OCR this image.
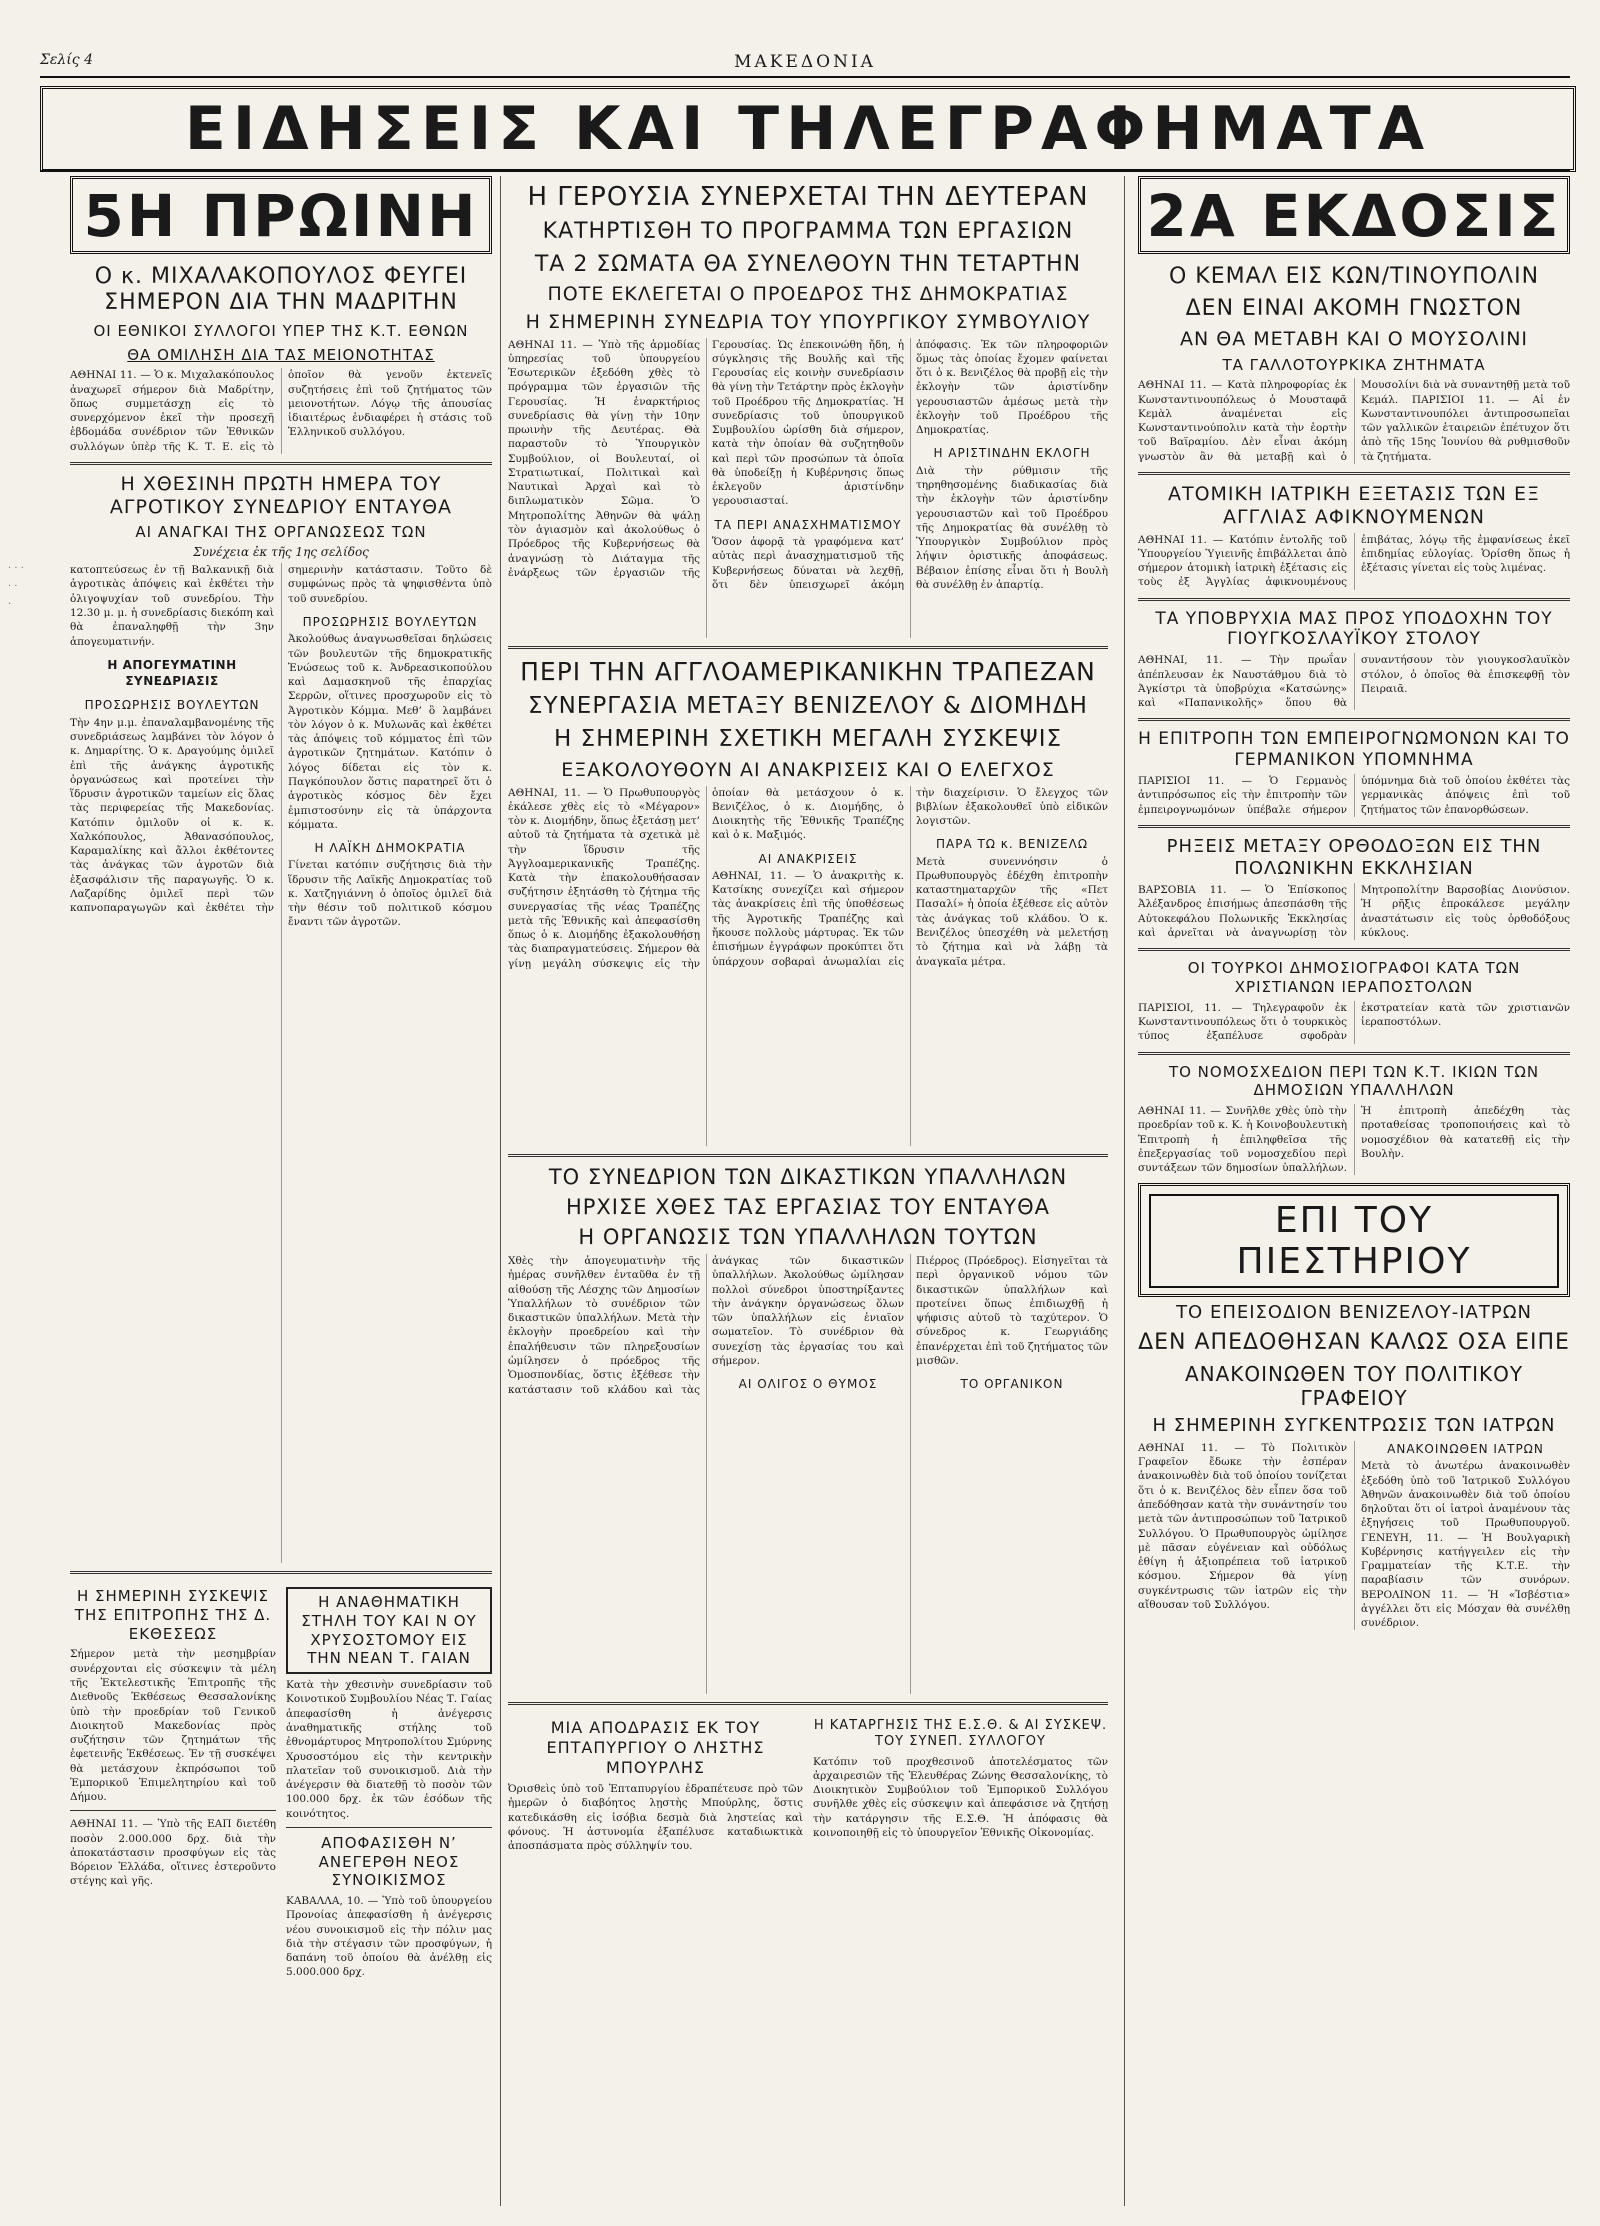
Σελίς 4	ΜΑΚΕΔΟΝΙΑ
ΕΙΔΗΣΕΙΣ ΚΑΙ ΤΗΛΕΓΡΑΦΗΜΑΤΑ
· · ·
· ·
·
5Η ΠΡΩΙΝΗ
Ο κ. ΜΙΧΑΛΑΚΟΠΟΥΛΟΣ ΦΕΥΓΕΙ ΣΗΜΕΡΟΝ ΔΙΑ ΤΗΝ ΜΑΔΡΙΤΗΝ
ΟΙ ΕΘΝΙΚΟΙ ΣΥΛΛΟΓΟΙ ΥΠΕΡ ΤΗΣ Κ.Τ. ΕΘΝΩΝ
ΘΑ ΟΜΙΛΗΣΗ ΔΙΑ ΤΑΣ ΜΕΙΟΝΟΤΗΤΑΣ
ΑΘΗΝΑΙ 11. — Ὁ κ. Μιχαλακόπουλος ἀναχωρεῖ σήμερον διὰ Μαδρίτην, ὅπως συμμετάσχῃ εἰς τὸ συνερχόμενον ἐκεῖ τὴν προσεχῆ ἑβδομάδα συνέδριον τῶν Ἐθνικῶν συλλόγων ὑπὲρ τῆς Κ. Τ. Ε. εἰς τὸ ὁποῖον θὰ γενοῦν ἐκτενεῖς συζητήσεις ἐπὶ τοῦ ζητήματος τῶν μειονοτήτων. Λόγῳ τῆς ἀπουσίας ἰδιαιτέρως ἐνδιαφέρει ἡ στάσις τοῦ Ἑλληνικοῦ συλλόγου.
Η ΧΘΕΣΙΝΗ ΠΡΩΤΗ ΗΜΕΡΑ ΤΟΥ ΑΓΡΟΤΙΚΟΥ ΣΥΝΕΔΡΙΟΥ ΕΝΤΑΥΘΑ
ΑΙ ΑΝΑΓΚΑΙ ΤΗΣ ΟΡΓΑΝΩΣΕΩΣ ΤΩΝ
Συνέχεια ἐκ τῆς 1ης σελίδος
κατοπτεύσεως ἐν τῇ Βαλκανικῇ διὰ ἀγροτικὰς ἀπόψεις καὶ ἐκθέτει τὴν ὀλιγοψυχίαν τοῦ συνεδρίου. Τὴν 12.30 μ. μ. ἡ συνεδρίασις διεκόπη καὶ θὰ ἐπαναληφθῇ τὴν 3ην ἀπογευματινήν.
Η ΑΠΟΓΕΥΜΑΤΙΝΗ ΣΥΝΕΔΡΙΑΣΙΣ
ΠΡΟΣΩΡΗΣΙΣ ΒΟΥΛΕΥΤΩΝ
Τὴν 4ην μ.μ. ἐπαναλαμβανομένης τῆς συνεδριάσεως λαμβάνει τὸν λόγον ὁ κ. Δημαρίτης. Ὁ κ. Δραγούμης ὁμιλεῖ ἐπὶ τῆς ἀνάγκης ἀγροτικῆς ὀργανώσεως καὶ προτείνει τὴν ἵδρυσιν ἀγροτικῶν ταμείων εἰς ὅλας τὰς περιφερείας τῆς Μακεδονίας. Κατόπιν ὁμιλοῦν οἱ κ. κ. Χαλκόπουλος, Ἀθανασόπουλος, Καραμαλίκης καὶ ἄλλοι ἐκθέτοντες τὰς ἀνάγκας τῶν ἀγροτῶν διὰ ἐξασφάλισιν τῆς παραγωγῆς. Ὁ κ. Λαζαρίδης ὁμιλεῖ περὶ τῶν καπνοπαραγωγῶν καὶ ἐκθέτει τὴν σημερινὴν κατάστασιν. Τοῦτο δὲ συμφώνως πρὸς τὰ ψηφισθέντα ὑπὸ τοῦ συνεδρίου.
ΠΡΟΣΩΡΗΣΙΣ ΒΟΥΛΕΥΤΩΝ
Ἀκολούθως ἀναγνωσθεῖσαι δηλώσεις τῶν βουλευτῶν τῆς δημοκρατικῆς Ἑνώσεως τοῦ κ. Ἀνδρεασικοπούλου καὶ Δαμασκηνοῦ τῆς ἐπαρχίας Σερρῶν, οἵτινες προσχωροῦν εἰς τὸ Ἀγροτικὸν Κόμμα. Μεθ’ ὃ λαμβάνει τὸν λόγον ὁ κ. Μυλωνᾶς καὶ ἐκθέτει τὰς ἀπόψεις τοῦ κόμματος ἐπὶ τῶν ἀγροτικῶν ζητημάτων. Κατόπιν ὁ λόγος δίδεται εἰς τὸν κ. Παγκόπουλον ὅστις παρατηρεῖ ὅτι ὁ ἀγροτικὸς κόσμος δὲν ἔχει ἐμπιστοσύνην εἰς τὰ ὑπάρχοντα κόμματα.
Η ΛΑΪΚΗ ΔΗΜΟΚΡΑΤΙΑ
Γίνεται κατόπιν συζήτησις διὰ τὴν ἵδρυσιν τῆς Λαϊκῆς Δημοκρατίας τοῦ κ. Χατζηγιάννη ὁ ὁποῖος ὁμιλεῖ διὰ τὴν θέσιν τοῦ πολιτικοῦ κόσμου ἔναντι τῶν ἀγροτῶν.
Η ΣΗΜΕΡΙΝΗ ΣΥΣΚΕΨΙΣ ΤΗΣ ΕΠΙΤΡΟΠΗΣ ΤΗΣ Δ. ΕΚΘΕΣΕΩΣ
Σήμερον μετὰ τὴν μεσημβρίαν συνέρχονται εἰς σύσκεψιν τὰ μέλη τῆς Ἐκτελεστικῆς Ἐπιτροπῆς τῆς Διεθνοῦς Ἐκθέσεως Θεσσαλονίκης ὑπὸ τὴν προεδρίαν τοῦ Γενικοῦ Διοικητοῦ Μακεδονίας πρὸς συζήτησιν τῶν ζητημάτων τῆς ἐφετεινῆς Ἐκθέσεως. Ἐν τῇ συσκέψει θὰ μετάσχουν ἐκπρόσωποι τοῦ Ἐμπορικοῦ Ἐπιμελητηρίου καὶ τοῦ Δήμου.
ΑΘΗΝΑΙ 11. — Ὑπὸ τῆς ΕΑΠ διετέθη ποσὸν 2.000.000 δρχ. διὰ τὴν ἀποκατάστασιν προσφύγων εἰς τὰς Βόρειον Ἑλλάδα, οἵτινες ἐστεροῦντο στέγης καὶ γῆς.
Η ΑΝΑΘΗΜΑΤΙΚΗ ΣΤΗΛΗ ΤΟΥ ΚΑΙ Ν ΟΥ ΧΡΥΣΟΣΤΟΜΟΥ ΕΙΣ ΤΗΝ ΝΕΑΝ Τ. ΓΑΙΑΝ
Κατὰ τὴν χθεσινὴν συνεδρίασιν τοῦ Κοινοτικοῦ Συμβουλίου Νέας Τ. Γαίας ἀπεφασίσθη ἡ ἀνέγερσις ἀναθηματικῆς στήλης τοῦ ἐθνομάρτυρος Μητροπολίτου Σμύρνης Χρυσοστόμου εἰς τὴν κεντρικὴν πλατεῖαν τοῦ συνοικισμοῦ. Διὰ τὴν ἀνέγερσιν θὰ διατεθῇ τὸ ποσὸν τῶν 100.000 δρχ. ἐκ τῶν ἐσόδων τῆς κοινότητος.
ΑΠΟΦΑΣΙΣΘΗ Ν’ ΑΝΕΓΕΡΘΗ ΝΕΟΣ ΣΥΝΟΙΚΙΣΜΟΣ
ΚΑΒΑΛΛΑ, 10. — Ὑπὸ τοῦ ὑπουργείου Προνοίας ἀπεφασίσθη ἡ ἀνέγερσις νέου συνοικισμοῦ εἰς τὴν πόλιν μας διὰ τὴν στέγασιν τῶν προσφύγων, ἡ δαπάνη τοῦ ὁποίου θὰ ἀνέλθῃ εἰς 5.000.000 δρχ.
Η ΓΕΡΟΥΣΙΑ ΣΥΝΕΡΧΕΤΑΙ ΤΗΝ ΔΕΥΤΕΡΑΝ
ΚΑΤΗΡΤΙΣΘΗ ΤΟ ΠΡΟΓΡΑΜΜΑ ΤΩΝ ΕΡΓΑΣΙΩΝ
ΤΑ 2 ΣΩΜΑΤΑ ΘΑ ΣΥΝΕΛΘΟΥΝ ΤΗΝ ΤΕΤΑΡΤΗΝ
ΠΟΤΕ ΕΚΛΕΓΕΤΑΙ Ο ΠΡΟΕΔΡΟΣ ΤΗΣ ΔΗΜΟΚΡΑΤΙΑΣ
Η ΣΗΜΕΡΙΝΗ ΣΥΝΕΔΡΙΑ ΤΟΥ ΥΠΟΥΡΓΙΚΟΥ ΣΥΜΒΟΥΛΙΟΥ
ΑΘΗΝΑΙ 11. — Ὑπὸ τῆς ἁρμοδίας ὑπηρεσίας τοῦ ὑπουργείου Ἐσωτερικῶν ἐξεδόθη χθὲς τὸ πρόγραμμα τῶν ἐργασιῶν τῆς Γερουσίας. Ἡ ἐναρκτήριος συνεδρίασις θὰ γίνῃ τὴν 10ην πρωινὴν τῆς Δευτέρας. Θὰ παραστοῦν τὸ Ὑπουργικὸν Συμβούλιον, οἱ Βουλευταί, οἱ Στρατιωτικαί, Πολιτικαὶ καὶ Ναυτικαὶ Ἀρχαὶ καὶ τὸ διπλωματικὸν Σῶμα. Ὁ Μητροπολίτης Ἀθηνῶν θὰ ψάλῃ τὸν ἁγιασμὸν καὶ ἀκολούθως ὁ Πρόεδρος τῆς Κυβερνήσεως θὰ ἀναγνώσῃ τὸ Διάταγμα τῆς ἐνάρξεως τῶν ἐργασιῶν τῆς Γερουσίας. Ὡς ἐπεκοινώθη ἤδη, ἡ σύγκλησις τῆς Βουλῆς καὶ τῆς Γερουσίας εἰς κοινὴν συνεδρίασιν θὰ γίνῃ τὴν Τετάρτην πρὸς ἐκλογὴν τοῦ Προέδρου τῆς Δημοκρατίας. Ἡ συνεδρίασις τοῦ ὑπουργικοῦ Συμβουλίου ὡρίσθη διὰ σήμερον, κατὰ τὴν ὁποίαν θὰ συζητηθοῦν καὶ περὶ τῶν προσώπων τὰ ὁποῖα θὰ ὑποδείξῃ ἡ Κυβέρνησις ὅπως ἐκλεγοῦν ἀριστίνδην γερουσιασταί.
ΤΑ ΠΕΡΙ ΑΝΑΣΧΗΜΑΤΙΣΜΟΥ
Ὅσον ἀφορᾷ τὰ γραφόμενα κατ’ αὐτὰς περὶ ἀνασχηματισμοῦ τῆς Κυβερνήσεως δύναται νὰ λεχθῇ, ὅτι δὲν ὑπεισχωρεῖ ἀκόμη ἀπόφασις. Ἐκ τῶν πληροφοριῶν ὅμως τὰς ὁποίας ἔχομεν φαίνεται ὅτι ὁ κ. Βενιζέλος θὰ προβῇ εἰς τὴν ἐκλογὴν τῶν ἀριστίνδην γερουσιαστῶν ἀμέσως μετὰ τὴν ἐκλογὴν τοῦ Προέδρου τῆς Δημοκρατίας.
Η ΑΡΙΣΤΙΝΔΗΝ ΕΚΛΟΓΗ
Διὰ τὴν ρύθμισιν τῆς τηρηθησομένης διαδικασίας διὰ τὴν ἐκλογὴν τῶν ἀριστίνδην γερουσιαστῶν καὶ τοῦ Προέδρου τῆς Δημοκρατίας θὰ συνέλθῃ τὸ Ὑπουργικὸν Συμβούλιον πρὸς λήψιν ὁριστικῆς ἀποφάσεως. Βέβαιον ἐπίσης εἶναι ὅτι ἡ Βουλὴ θὰ συνέλθῃ ἐν ἀπαρτίᾳ.
ΠΕΡΙ ΤΗΝ ΑΓΓΛΟΑΜΕΡΙΚΑΝΙΚΗΝ ΤΡΑΠΕΖΑΝ
ΣΥΝΕΡΓΑΣΙΑ ΜΕΤΑΞΥ ΒΕΝΙΖΕΛΟΥ & ΔΙΟΜΗΔΗ
Η ΣΗΜΕΡΙΝΗ ΣΧΕΤΙΚΗ ΜΕΓΑΛΗ ΣΥΣΚΕΨΙΣ
ΕΞΑΚΟΛΟΥΘΟΥΝ ΑΙ ΑΝΑΚΡΙΣΕΙΣ ΚΑΙ Ο ΕΛΕΓΧΟΣ
ΑΘΗΝΑΙ, 11. — Ὁ Πρωθυπουργὸς ἐκάλεσε χθὲς εἰς τὸ «Μέγαρον» τὸν κ. Διομήδην, ὅπως ἐξετάσῃ μετ’ αὐτοῦ τὰ ζητήματα τὰ σχετικὰ μὲ τὴν ἵδρυσιν τῆς Ἀγγλοαμερικανικῆς Τραπέζης. Κατὰ τὴν ἐπακολουθήσασαν συζήτησιν ἐξητάσθη τὸ ζήτημα τῆς συνεργασίας τῆς νέας Τραπέζης μετὰ τῆς Ἐθνικῆς καὶ ἀπεφασίσθη ὅπως ὁ κ. Διομήδης ἐξακολουθήσῃ τὰς διαπραγματεύσεις. Σήμερον θὰ γίνῃ μεγάλη σύσκεψις εἰς τὴν ὁποίαν θὰ μετάσχουν ὁ κ. Βενιζέλος, ὁ κ. Διομήδης, ὁ Διοικητὴς τῆς Ἐθνικῆς Τραπέζης καὶ ὁ κ. Μαξιμός.
ΑΙ ΑΝΑΚΡΙΣΕΙΣ
ΑΘΗΝΑΙ, 11. — Ὁ ἀνακριτὴς κ. Κατσίκης συνεχίζει καὶ σήμερον τὰς ἀνακρίσεις ἐπὶ τῆς ὑποθέσεως τῆς Ἀγροτικῆς Τραπέζης καὶ ἤκουσε πολλοὺς μάρτυρας. Ἐκ τῶν ἐπισήμων ἐγγράφων προκύπτει ὅτι ὑπάρχουν σοβαραὶ ἀνωμαλίαι εἰς τὴν διαχείρισιν. Ὁ ἔλεγχος τῶν βιβλίων ἐξακολουθεῖ ὑπὸ εἰδικῶν λογιστῶν.
ΠΑΡΑ ΤΩ κ. ΒΕΝΙΖΕΛΩ
Μετὰ συνεννόησιν ὁ Πρωθυπουργὸς ἐδέχθη ἐπιτροπὴν καταστηματαρχῶν τῆς «Πετ Πασαλί» ἡ ὁποία ἐξέθεσε εἰς αὐτὸν τὰς ἀνάγκας τοῦ κλάδου. Ὁ κ. Βενιζέλος ὑπεσχέθη νὰ μελετήσῃ τὸ ζήτημα καὶ νὰ λάβῃ τὰ ἀναγκαῖα μέτρα.
ΤΟ ΣΥΝΕΔΡΙΟΝ ΤΩΝ ΔΙΚΑΣΤΙΚΩΝ ΥΠΑΛΛΗΛΩΝ
ΗΡΧΙΣΕ ΧΘΕΣ ΤΑΣ ΕΡΓΑΣΙΑΣ ΤΟΥ ΕΝΤΑΥΘΑ
Η ΟΡΓΑΝΩΣΙΣ ΤΩΝ ΥΠΑΛΛΗΛΩΝ ΤΟΥΤΩΝ
Χθὲς τὴν ἀπογευματινὴν τῆς ἡμέρας συνῆλθεν ἐνταῦθα ἐν τῇ αἰθούσῃ τῆς Λέσχης τῶν Δημοσίων Ὑπαλλήλων τὸ συνέδριον τῶν δικαστικῶν ὑπαλλήλων. Μετὰ τὴν ἐκλογὴν προεδρείου καὶ τὴν ἐπαλήθευσιν τῶν πληρεξουσίων ὡμίλησεν ὁ πρόεδρος τῆς Ὁμοσπονδίας, ὅστις ἐξέθεσε τὴν κατάστασιν τοῦ κλάδου καὶ τὰς ἀνάγκας τῶν δικαστικῶν ὑπαλλήλων. Ἀκολούθως ὡμίλησαν πολλοὶ σύνεδροι ὑποστηρίξαντες τὴν ἀνάγκην ὀργανώσεως ὅλων τῶν ὑπαλλήλων εἰς ἑνιαῖον σωματεῖον. Τὸ συνέδριον θὰ συνεχίσῃ τὰς ἐργασίας του καὶ σήμερον.
ΑΙ ΟΛΙΓΟΣ Ο ΘΥΜΟΣ
Πιέρρος (Πρόεδρος). Εἰσηγεῖται τὰ περὶ ὀργανικοῦ νόμου τῶν δικαστικῶν ὑπαλλήλων καὶ προτείνει ὅπως ἐπιδιωχθῇ ἡ ψήφισις αὐτοῦ τὸ ταχύτερον. Ὁ σύνεδρος κ. Γεωργιάδης ἐπανέρχεται ἐπὶ τοῦ ζητήματος τῶν μισθῶν.
ΤΟ ΟΡΓΑΝΙΚΟΝ
ΜΙΑ ΑΠΟΔΡΑΣΙΣ ΕΚ ΤΟΥ ΕΠΤΑΠΥΡΓΙΟΥ Ο ΛΗΣΤΗΣ ΜΠΟΥΡΛΗΣ
Ὀρισθεὶς ὑπὸ τοῦ Ἐπταπυργίου ἐδραπέτευσε πρὸ τῶν ἡμερῶν ὁ διαβόητος λῃστὴς Μπούρλης, ὅστις κατεδικάσθη εἰς ἰσόβια δεσμὰ διὰ ληστείας καὶ φόνους. Ἡ ἀστυνομία ἐξαπέλυσε καταδιωκτικὰ ἀποσπάσματα πρὸς σύλληψίν του.
Η ΚΑΤΑΡΓΗΣΙΣ ΤΗΣ Ε.Σ.Θ. & ΑΙ ΣΥΣΚΕΨ. ΤΟΥ ΣΥΝΕΠ. ΣΥΛΛΟΓΟΥ
Κατόπιν τοῦ προχθεσινοῦ ἀποτελέσματος τῶν ἀρχαιρεσιῶν τῆς Ἐλευθέρας Ζώνης Θεσσαλονίκης, τὸ Διοικητικὸν Συμβούλιον τοῦ Ἐμπορικοῦ Συλλόγου συνῆλθε χθὲς εἰς σύσκεψιν καὶ ἀπεφάσισε νὰ ζητήσῃ τὴν κατάργησιν τῆς Ε.Σ.Θ. Ἡ ἀπόφασις θὰ κοινοποιηθῇ εἰς τὸ ὑπουργεῖον Ἐθνικῆς Οἰκονομίας.
2Α ΕΚΔΟΣΙΣ
Ο ΚΕΜΑΛ ΕΙΣ ΚΩΝ/ΤΙΝΟΥΠΟΛΙΝ
ΔΕΝ ΕΙΝΑΙ ΑΚΟΜΗ ΓΝΩΣΤΟΝ
ΑΝ ΘΑ ΜΕΤΑΒΗ ΚΑΙ Ο ΜΟΥΣΟΛΙΝΙ
ΤΑ ΓΑΛΛΟΤΟΥΡΚΙΚΑ ΖΗΤΗΜΑΤΑ
ΑΘΗΝΑΙ 11. — Κατὰ πληροφορίας ἐκ Κωνσταντινουπόλεως ὁ Μουσταφᾶ Κεμὰλ ἀναμένεται εἰς Κωνσταντινούπολιν κατὰ τὴν ἑορτὴν τοῦ Βαϊραμίου. Δὲν εἶναι ἀκόμη γνωστὸν ἂν θὰ μεταβῇ καὶ ὁ Μουσολίνι διὰ νὰ συναντηθῇ μετὰ τοῦ Κεμάλ. ΠΑΡΙΣΙΟΙ 11. — Αἱ ἐν Κωνσταντινουπόλει ἀντιπροσωπεῖαι τῶν γαλλικῶν ἑταιρειῶν ἐπέτυχον ὅτι ἀπὸ τῆς 15ης Ἰουνίου θὰ ρυθμισθοῦν τὰ ζητήματα.
ΑΤΟΜΙΚΗ ΙΑΤΡΙΚΗ ΕΞΕΤΑΣΙΣ ΤΩΝ ΕΞ ΑΓΓΛΙΑΣ ΑΦΙΚΝΟΥΜΕΝΩΝ
ΑΘΗΝΑΙ 11. — Κατόπιν ἐντολῆς τοῦ Ὑπουργείου Ὑγιεινῆς ἐπιβάλλεται ἀπὸ σήμερον ἀτομικὴ ἰατρικὴ ἐξέτασις εἰς τοὺς ἐξ Ἀγγλίας ἀφικνουμένους ἐπιβάτας, λόγῳ τῆς ἐμφανίσεως ἐκεῖ ἐπιδημίας εὐλογίας. Ὁρίσθη ὅπως ἡ ἐξέτασις γίνεται εἰς τοὺς λιμένας.
ΤΑ ΥΠΟΒΡΥΧΙΑ ΜΑΣ ΠΡΟΣ ΥΠΟΔΟΧΗΝ ΤΟΥ ΓΙΟΥΓΚΟΣΛΑΥΪΚΟΥ ΣΤΟΛΟΥ
ΑΘΗΝΑΙ, 11. — Τὴν πρωΐαν ἀπέπλευσαν ἐκ Ναυστάθμου διὰ τὸ Ἀγκίστρι τὰ ὑποβρύχια «Κατσώνης» καὶ «Παπανικολῆς» ὅπου θὰ συναντήσουν τὸν γιουγκοσλαυϊκὸν στόλον, ὁ ὁποῖος θὰ ἐπισκεφθῇ τὸν Πειραιᾶ.
Η ΕΠΙΤΡΟΠΗ ΤΩΝ ΕΜΠΕΙΡΟΓΝΩΜΟΝΩΝ ΚΑΙ ΤΟ ΓΕΡΜΑΝΙΚΟΝ ΥΠΟΜΝΗΜΑ
ΠΑΡΙΣΙΟΙ 11. — Ὁ Γερμανὸς ἀντιπρόσωπος εἰς τὴν ἐπιτροπὴν τῶν ἐμπειρογνωμόνων ὑπέβαλε σήμερον ὑπόμνημα διὰ τοῦ ὁποίου ἐκθέτει τὰς γερμανικὰς ἀπόψεις ἐπὶ τοῦ ζητήματος τῶν ἐπανορθώσεων.
ΡΗΞΕΙΣ ΜΕΤΑΞΥ ΟΡΘΟΔΟΞΩΝ ΕΙΣ ΤΗΝ ΠΟΛΩΝΙΚΗΝ ΕΚΚΛΗΣΙΑΝ
ΒΑΡΣΟΒΙΑ 11. — Ὁ Ἐπίσκοπος Ἀλέξανδρος ἐπισήμως ἀπεσπάσθη τῆς Αὐτοκεφάλου Πολωνικῆς Ἐκκλησίας καὶ ἀρνεῖται νὰ ἀναγνωρίσῃ τὸν Μητροπολίτην Βαρσοβίας Διονύσιον. Ἡ ρῆξις ἐπροκάλεσε μεγάλην ἀναστάτωσιν εἰς τοὺς ὀρθοδόξους κύκλους.
ΟΙ ΤΟΥΡΚΟΙ ΔΗΜΟΣΙΟΓΡΑΦΟΙ ΚΑΤΑ ΤΩΝ ΧΡΙΣΤΙΑΝΩΝ ΙΕΡΑΠΟΣΤΟΛΩΝ
ΠΑΡΙΣΙΟΙ, 11. — Τηλεγραφοῦν ἐκ Κωνσταντινουπόλεως ὅτι ὁ τουρκικὸς τύπος ἐξαπέλυσε σφοδρὰν ἐκστρατείαν κατὰ τῶν χριστιανῶν ἱεραποστόλων.
ΤΟ ΝΟΜΟΣΧΕΔΙΟΝ ΠΕΡΙ ΤΩΝ Κ.Τ. ΙΚΙΩΝ ΤΩΝ ΔΗΜΟΣΙΩΝ ΥΠΑΛΛΗΛΩΝ
ΑΘΗΝΑΙ 11. — Συνῆλθε χθὲς ὑπὸ τὴν προεδρίαν τοῦ κ. Κ. ἡ Κοινοβουλευτικὴ Ἐπιτροπὴ ἡ ἐπιληφθεῖσα τῆς ἐπεξεργασίας τοῦ νομοσχεδίου περὶ συντάξεων τῶν δημοσίων ὑπαλλήλων. Ἡ ἐπιτροπὴ ἀπεδέχθη τὰς προταθείσας τροποποιήσεις καὶ τὸ νομοσχέδιον θὰ κατατεθῇ εἰς τὴν Βουλὴν.
ΕΠΙ ΤΟΥ ΠΙΕΣΤΗΡΙΟΥ
ΤΟ ΕΠΕΙΣΟΔΙΟΝ ΒΕΝΙΖΕΛΟΥ-ΙΑΤΡΩΝ
ΔΕΝ ΑΠΕΔΟΘΗΣΑΝ ΚΑΛΩΣ ΟΣΑ ΕΙΠΕ
ΑΝΑΚΟΙΝΩΘΕΝ ΤΟΥ ΠΟΛΙΤΙΚΟΥ ΓΡΑΦΕΙΟΥ
Η ΣΗΜΕΡΙΝΗ ΣΥΓΚΕΝΤΡΩΣΙΣ ΤΩΝ ΙΑΤΡΩΝ
ΑΘΗΝΑΙ 11. — Τὸ Πολιτικὸν Γραφεῖον ἔδωκε τὴν ἑσπέραν ἀνακοινωθὲν διὰ τοῦ ὁποίου τονίζεται ὅτι ὁ κ. Βενιζέλος δὲν εἶπεν ὅσα τοῦ ἀπεδόθησαν κατὰ τὴν συνάντησίν του μετὰ τῶν ἀντιπροσώπων τοῦ Ἰατρικοῦ Συλλόγου. Ὁ Πρωθυπουργὸς ὡμίλησε μὲ πᾶσαν εὐγένειαν καὶ οὐδόλως ἐθίγη ἡ ἀξιοπρέπεια τοῦ ἰατρικοῦ κόσμου. Σήμερον θὰ γίνῃ συγκέντρωσις τῶν ἰατρῶν εἰς τὴν αἴθουσαν τοῦ Συλλόγου.
ΑΝΑΚΟΙΝΩΘΕΝ ΙΑΤΡΩΝ
Μετὰ τὸ ἀνωτέρω ἀνακοινωθὲν ἐξεδόθη ὑπὸ τοῦ Ἰατρικοῦ Συλλόγου Ἀθηνῶν ἀνακοινωθὲν διὰ τοῦ ὁποίου δηλοῦται ὅτι οἱ ἰατροὶ ἀναμένουν τὰς ἐξηγήσεις τοῦ Πρωθυπουργοῦ. ΓΕΝΕΥΗ, 11. — Ἡ Βουλγαρικὴ Κυβέρνησις κατήγγειλεν εἰς τὴν Γραμματείαν τῆς Κ.Τ.Ε. τὴν παραβίασιν τῶν συνόρων. ΒΕΡΟΛΙΝΟΝ 11. — Ἡ «Ἰσβέστια» ἀγγέλλει ὅτι εἰς Μόσχαν θὰ συνέλθῃ συνέδριον.
